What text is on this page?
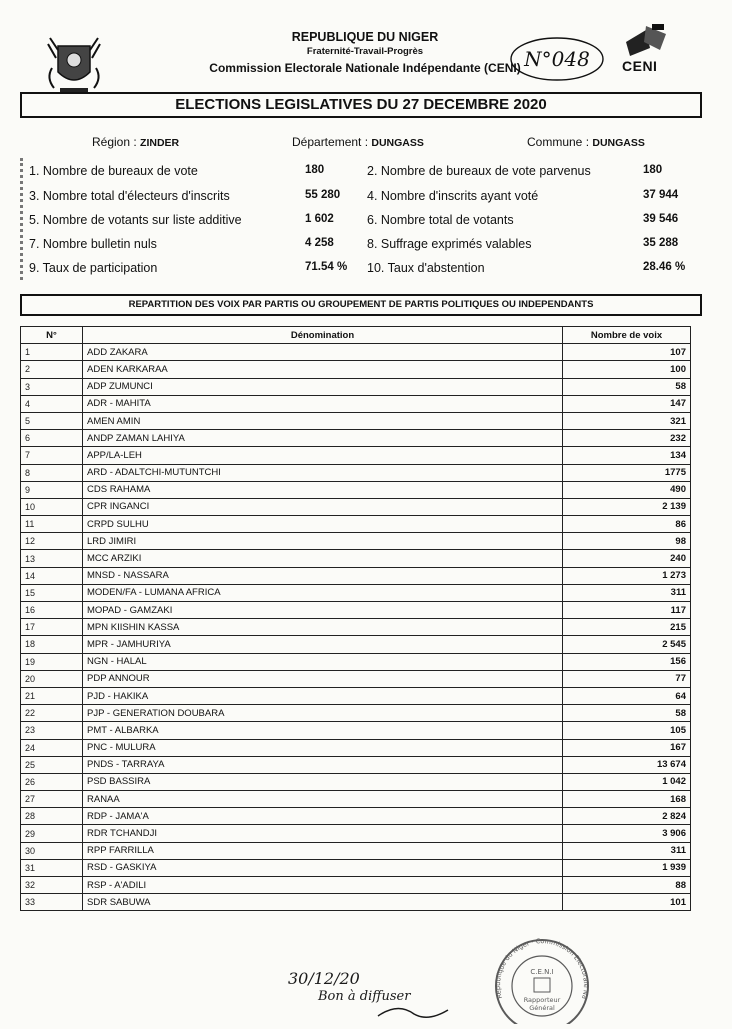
REPUBLIQUE DU NIGER
Fraternité-Travail-Progrès
Commission Electorale Nationale Indépendante (CENI) N°048 CENI
ELECTIONS LEGISLATIVES DU 27 DECEMBRE 2020
Région : ZINDER	Département : DUNGASS	Commune : DUNGASS
1. Nombre de bureaux de vote	180	2. Nombre de bureaux de vote parvenus	180
3. Nombre total d'électeurs d'inscrits	55 280 4. Nombre d'inscrits ayant voté	37 944
5. Nombre de votants sur liste additive	1 602	6. Nombre total de votants	39 546
7. Nombre bulletin nuls	4 258	8. Suffrage exprimés valables	35 288
9. Taux de participation	71.54 % 10. Taux d'abstention	28.46 %
REPARTITION DES VOIX PAR PARTIS OU GROUPEMENT DE PARTIS POLITIQUES OU INDEPENDANTS
N°	Dénomination	Nombre de voix
1	ADD ZAKARA	107
2	ADEN KARKARAA	100
3	ADP ZUMUNCI	58
4	ADR - MAHITA	147
5	AMEN AMIN	321
6	ANDP ZAMAN LAHIYA	232
7	APP/LA-LEH	134
8	ARD - ADALTCHI-MUTUNTCHI	1775
9	CDS RAHAMA	490
10	CPR INGANCI	2 139
11	CRPD SULHU	86
12	LRD JIMIRI	98
13	MCC ARZIKI	240
14	MNSD - NASSARA	1 273
15	MODEN/FA - LUMANA AFRICA	311
16	MOPAD - GAMZAKI	117
17	MPN KIISHIN KASSA	215
18	MPR - JAMHURIYA	2 545
19	NGN - HALAL	156
20	PDP ANNOUR	77
21	PJD - HAKIKA	64
22	PJP - GENERATION DOUBARA	58
23	PMT - ALBARKA	105
24	PNC - MULURA	167
25	PNDS - TARRAYA	13 674
26	PSD BASSIRA	1 042
27	RANAA	168
28	RDP - JAMA'A	2 824
29	RDR TCHANDJI	3 906
30	RPP FARRILLA	311
31	RSD - GASKIYA	1 939
32	RSP - A'ADILI	88
33	SDR SABUWA	101
République du Niger · Commission Electorale Na
C.E.N.I
Rapporteur
Général
30/12/20
Bon à diffuser
